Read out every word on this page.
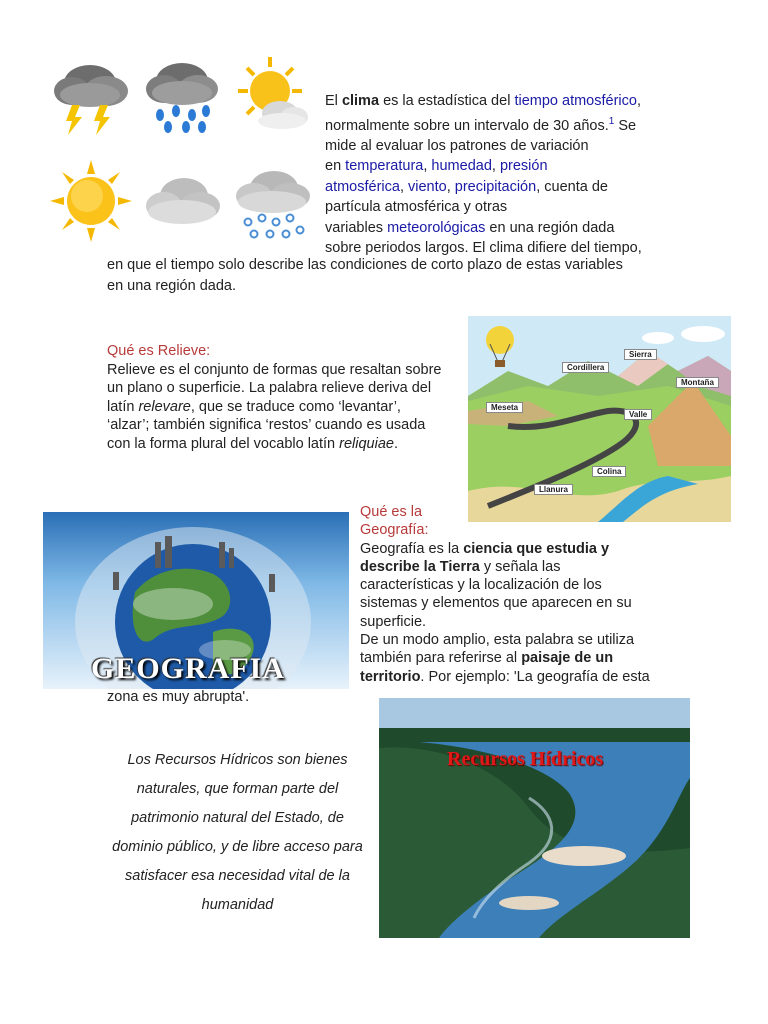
El clima es la estadística del tiempo atmosférico,
normalmente sobre un intervalo de 30 años.$^1$ Se
mide al evaluar los patrones de variación
en temperatura, humedad, presión
atmosférica, viento, precipitación, cuenta de
partícula atmosférica y otras
variables meteorológicas en una región dada
sobre periodos largos. El clima difiere del tiempo,
en que el tiempo solo describe las condiciones de corto plazo de estas variables
en una región dada.
Qué es Relieve:
Relieve es el conjunto de formas que resaltan sobre
un plano o superficie. La palabra relieve deriva del
latín relevare, que se traduce como ‘levantar’,
‘alzar’; también significa ‘restos’ cuando es usada
con la forma plural del vocablo latín reliquiae.
Sierra
Cordillera
Montaña
Meseta
Valle
Colina
Llanura
GEOGRAFIA
Qué es la
Geografía:
Geografía es la ciencia que estudia y
describe la Tierra y señala las
características y la localización de los
sistemas y elementos que aparecen en su
superficie.
De un modo amplio, esta palabra se utiliza
también para referirse al paisaje de un
territorio. Por ejemplo: 'La geografía de esta
zona es muy abrupta'.
Los Recursos Hídricos son bienes
naturales, que forman parte del
patrimonio natural del Estado, de
dominio público, y de libre acceso para
satisfacer esa necesidad vital de la
humanidad
Recursos Hídricos
